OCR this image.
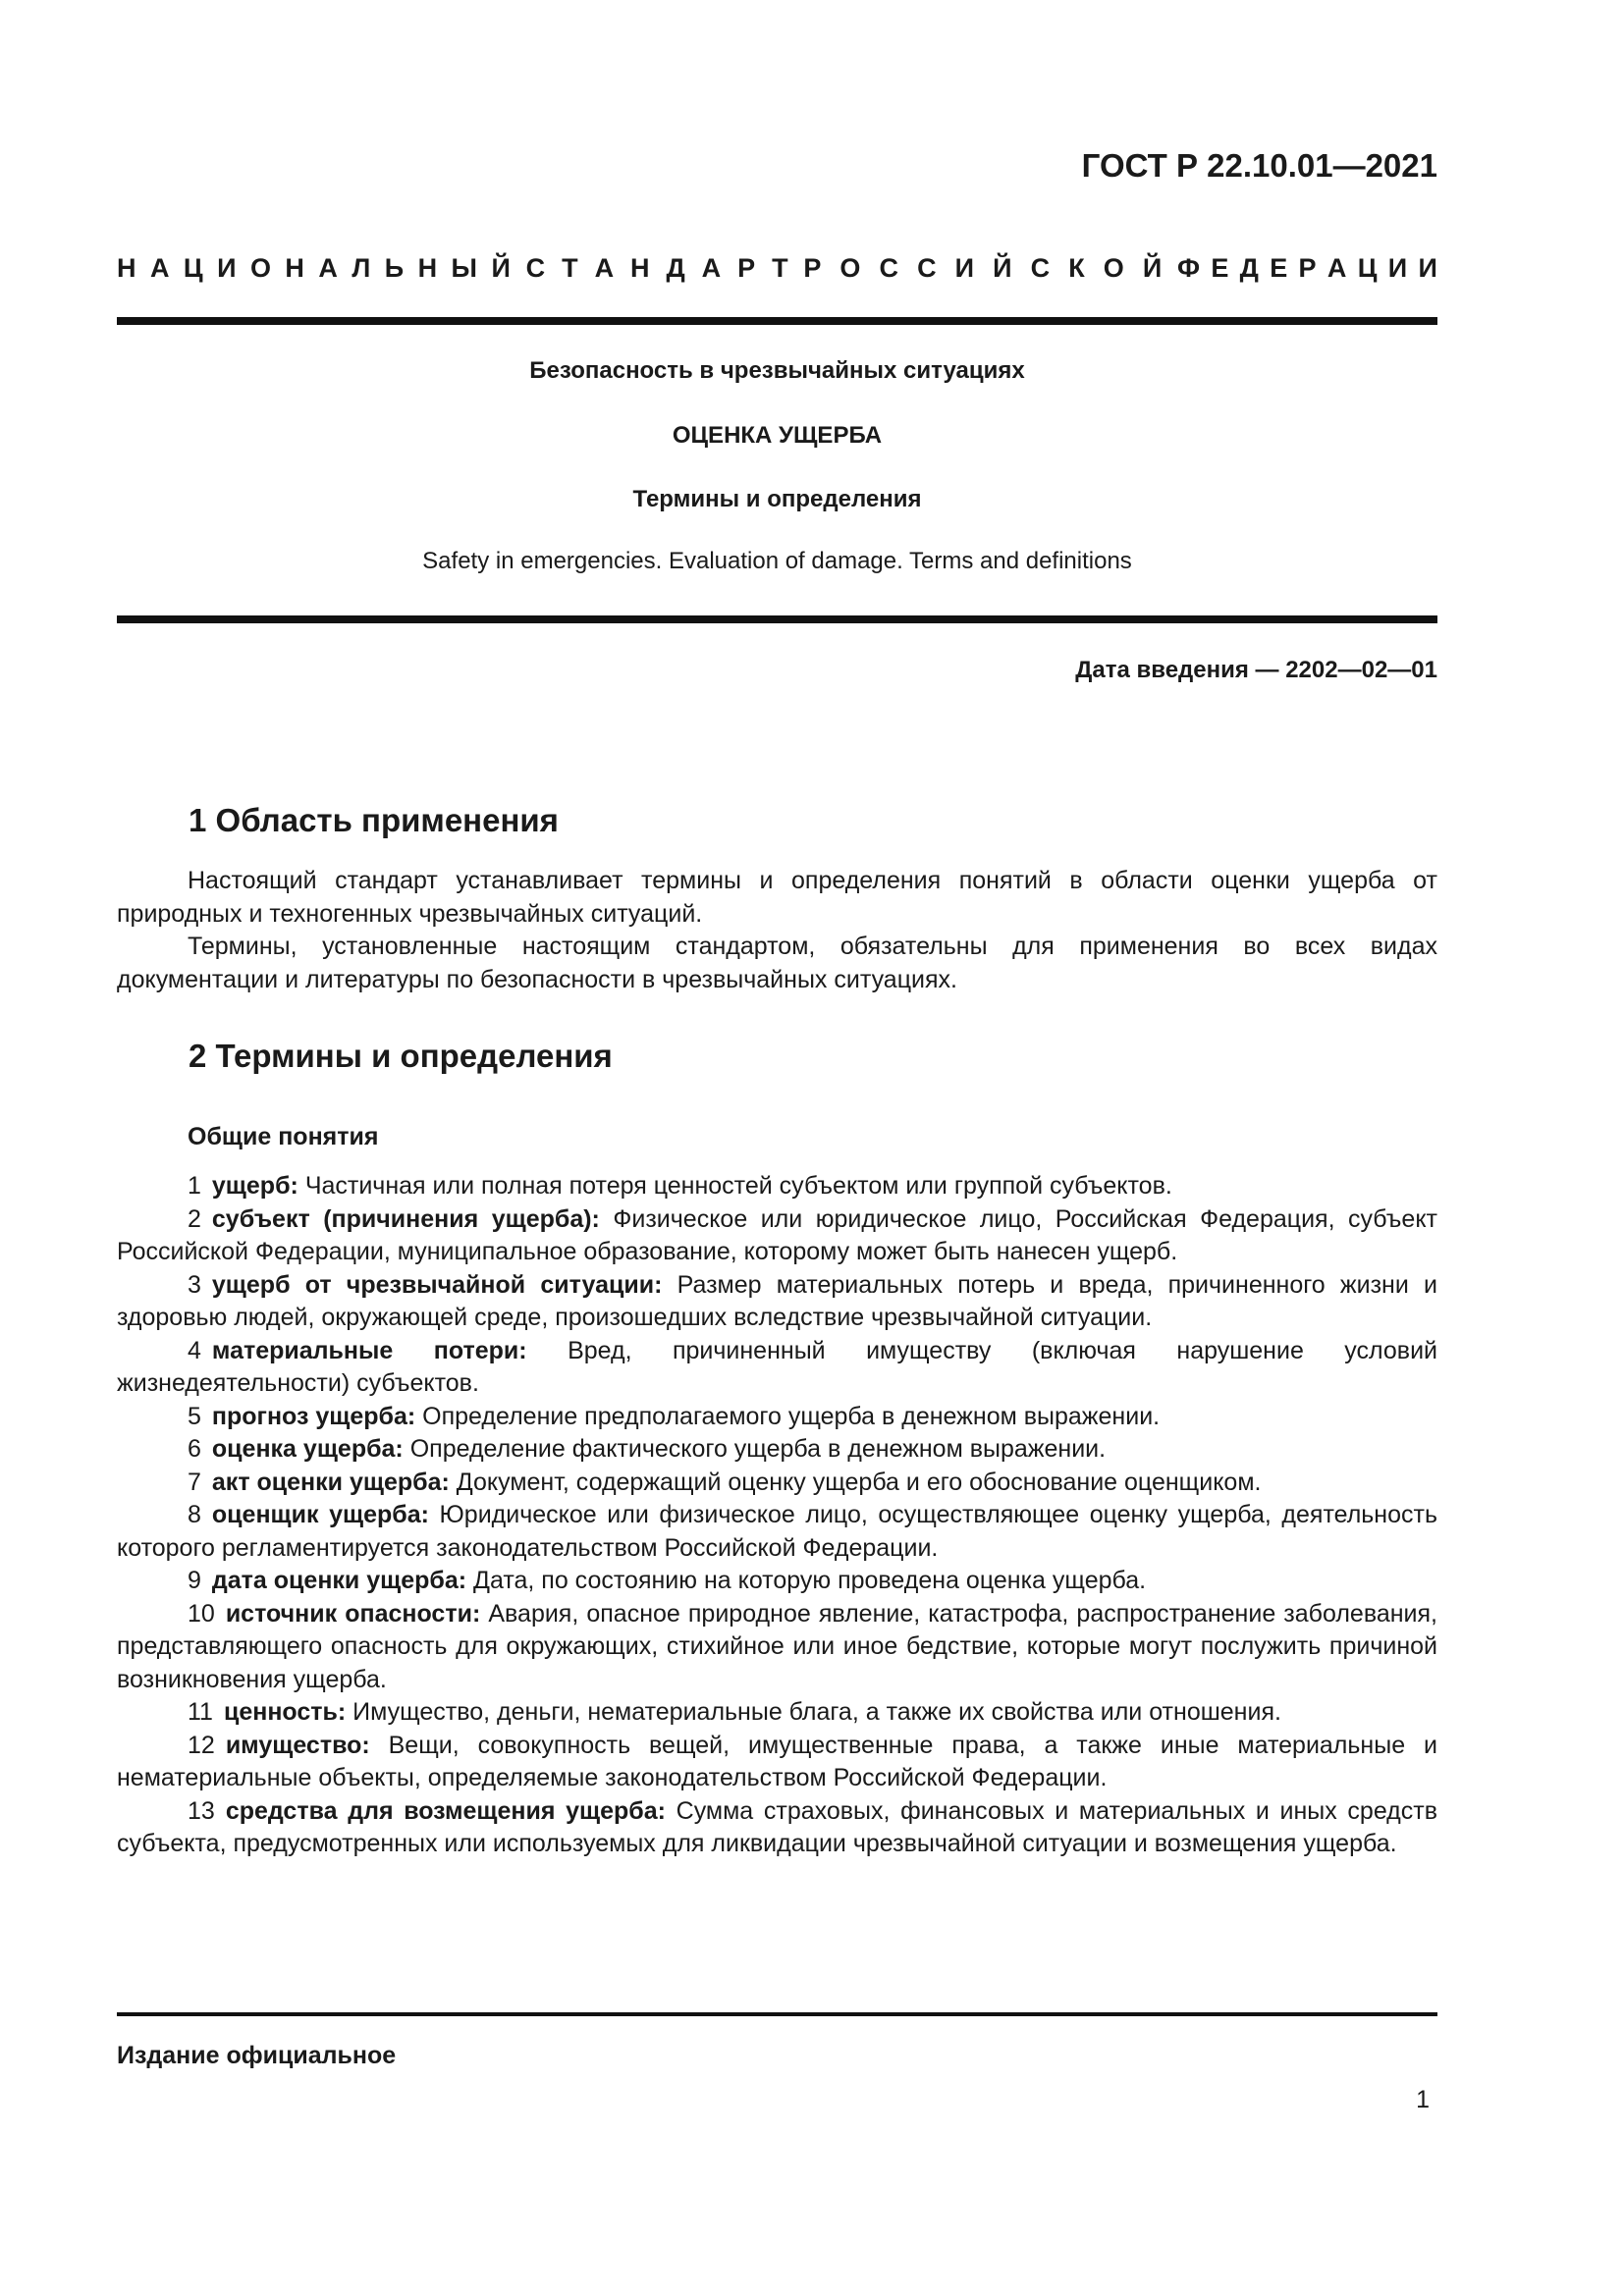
ГОСТ Р 22.10.01—2021
Н А Ц И О Н А Л Ь Н Ы Й С Т А Н Д А Р Т Р О С С И Й С К О Й Ф Е Д Е Р А Ц И И
Безопасность в чрезвычайных ситуациях
ОЦЕНКА УЩЕРБА
Термины и определения
Safety in emergencies. Evaluation of damage. Terms and definitions
Дата введения — 2202—02—01
1 Область применения

Настоящий стандарт устанавливает термины и определения понятий в области оценки ущерба от природных и техногенных чрезвычайных ситуаций.

Термины, установленные настоящим стандартом, обязательны для применения во всех видах документации и литературы по безопасности в чрезвычайных ситуациях.

2 Термины и определения
Общие понятия

1 ущерб: Частичная или полная потеря ценностей субъектом или группой субъектов.

2 субъект (причинения ущерба): Физическое или юридическое лицо, Российская Федерация, субъект Российской Федерации, муниципальное образование, которому может быть нанесен ущерб.

3 ущерб от чрезвычайной ситуации: Размер материальных потерь и вреда, причиненного жизни и здоровью людей, окружающей среде, произошедших вследствие чрезвычайной ситуации.

4 материальные потери: Вред, причиненный имуществу (включая нарушение условий жизнедеятельности) субъектов.

5 прогноз ущерба: Определение предполагаемого ущерба в денежном выражении.

6 оценка ущерба: Определение фактического ущерба в денежном выражении.

7 акт оценки ущерба: Документ, содержащий оценку ущерба и его обоснование оценщиком.

8 оценщик ущерба: Юридическое или физическое лицо, осуществляющее оценку ущерба, деятельность которого регламентируется законодательством Российской Федерации.

9 дата оценки ущерба: Дата, по состоянию на которую проведена оценка ущерба.

10 источник опасности: Авария, опасное природное явление, катастрофа, распространение заболевания, представляющего опасность для окружающих, стихийное или иное бедствие, которые могут послужить причиной возникновения ущерба.

11 ценность: Имущество, деньги, нематериальные блага, а также их свойства или отношения.

12 имущество: Вещи, совокупность вещей, имущественные права, а также иные материальные и нематериальные объекты, определяемые законодательством Российской Федерации.

13 средства для возмещения ущерба: Сумма страховых, финансовых и материальных и иных средств субъекта, предусмотренных или используемых для ликвидации чрезвычайной ситуации и возмещения ущерба.

Издание официальное
1
